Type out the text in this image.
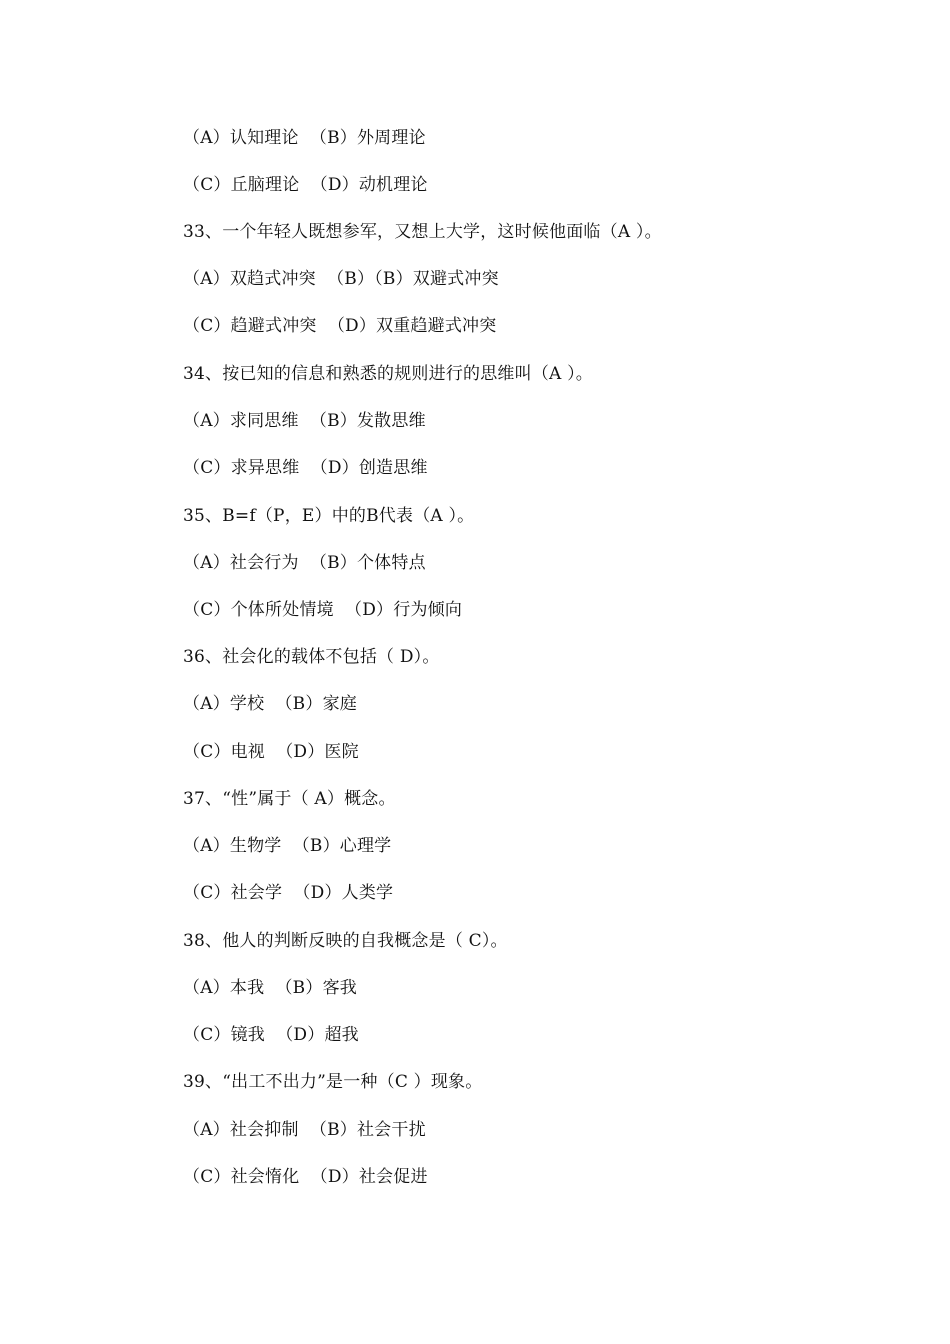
（A）认知理论  （B）外周理论
（C）丘脑理论  （D）动机理论
33、一个年轻人既想参军，又想上大学，这时候他面临（A ）。
（A）双趋式冲突  （B）（B）双避式冲突
（C）趋避式冲突  （D）双重趋避式冲突
34、按已知的信息和熟悉的规则进行的思维叫（A ）。
（A）求同思维  （B）发散思维
（C）求异思维  （D）创造思维
35、B=f（P，E）中的B代表（A ）。
（A）社会行为  （B）个体特点
（C）个体所处情境  （D）行为倾向
36、社会化的载体不包括（ D）。
（A）学校  （B）家庭
（C）电视  （D）医院
37、“性”属于（ A）概念。
（A）生物学  （B）心理学
（C）社会学  （D）人类学
38、他人的判断反映的自我概念是（ C）。
（A）本我  （B）客我
（C）镜我  （D）超我
39、“出工不出力”是一种（C ）现象。
（A）社会抑制  （B）社会干扰
（C）社会惰化  （D）社会促进
